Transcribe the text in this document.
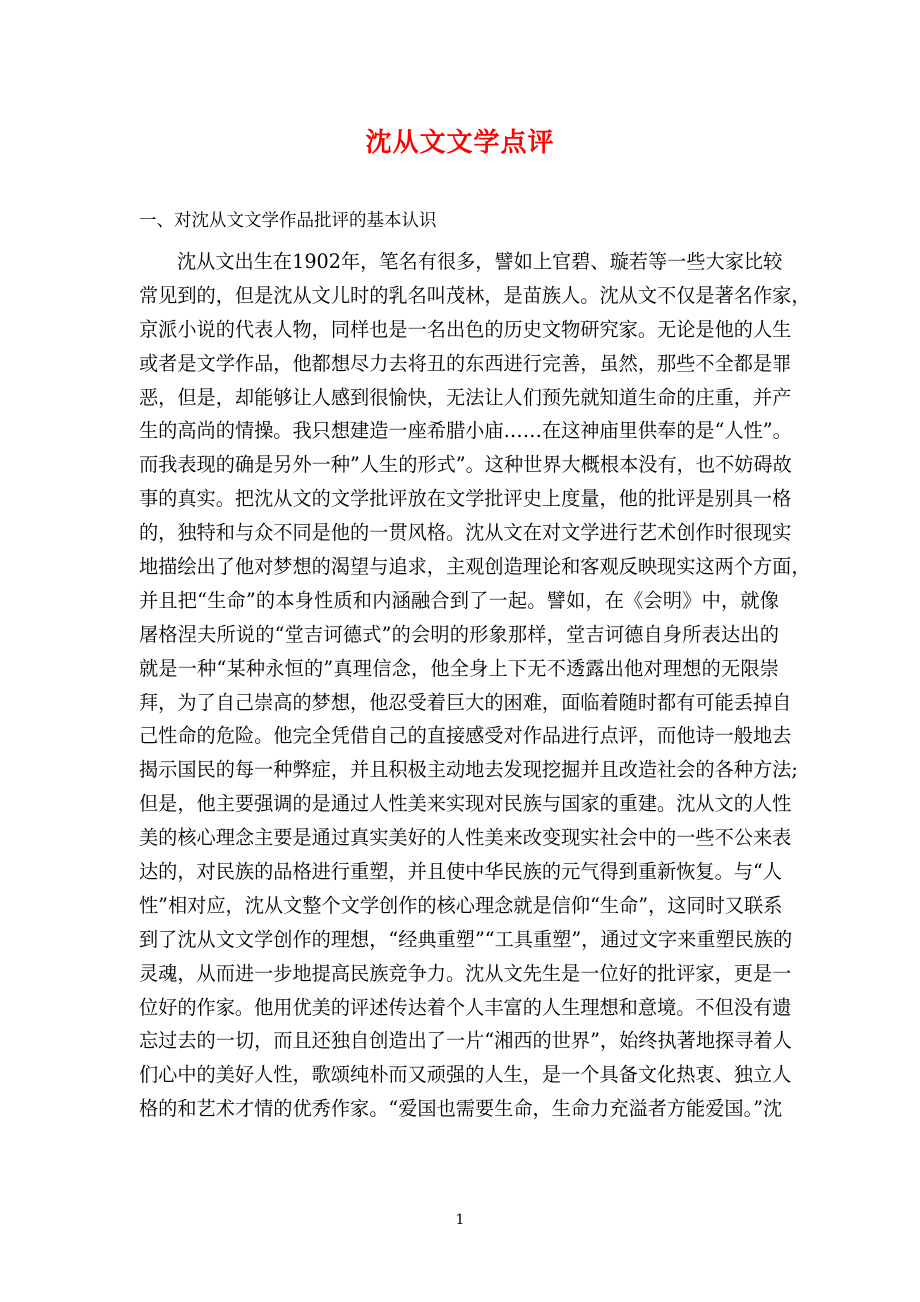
沈从文文学点评
一、对沈从文文学作品批评的基本认识
沈从文出生在1902年，笔名有很多，譬如上官碧、璇若等一些大家比较
常见到的，但是沈从文儿时的乳名叫茂林，是苗族人。沈从文不仅是著名作家，
京派小说的代表人物，同样也是一名出色的历史文物研究家。无论是他的人生
或者是文学作品，他都想尽力去将丑的东西进行完善，虽然，那些不全都是罪
恶，但是，却能够让人感到很愉快，无法让人们预先就知道生命的庄重，并产
生的高尚的情操。我只想建造一座希腊小庙……在这神庙里供奉的是“人性”。
而我表现的确是另外一种”人生的形式”。这种世界大概根本没有，也不妨碍故
事的真实。把沈从文的文学批评放在文学批评史上度量，他的批评是别具一格
的，独特和与众不同是他的一贯风格。沈从文在对文学进行艺术创作时很现实
地描绘出了他对梦想的渴望与追求，主观创造理论和客观反映现实这两个方面，
并且把“生命”的本身性质和内涵融合到了一起。譬如，在《会明》中，就像
屠格涅夫所说的“堂吉诃德式”的会明的形象那样，堂吉诃德自身所表达出的
就是一种“某种永恒的”真理信念，他全身上下无不透露出他对理想的无限崇
拜，为了自己崇高的梦想，他忍受着巨大的困难，面临着随时都有可能丢掉自
己性命的危险。他完全凭借自己的直接感受对作品进行点评，而他诗一般地去
揭示国民的每一种弊症，并且积极主动地去发现挖掘并且改造社会的各种方法;
但是，他主要强调的是通过人性美来实现对民族与国家的重建。沈从文的人性
美的核心理念主要是通过真实美好的人性美来改变现实社会中的一些不公来表
达的，对民族的品格进行重塑，并且使中华民族的元气得到重新恢复。与“人
性”相对应，沈从文整个文学创作的核心理念就是信仰“生命”，这同时又联系
到了沈从文文学创作的理想，“经典重塑”“工具重塑”，通过文字来重塑民族的
灵魂，从而进一步地提高民族竞争力。沈从文先生是一位好的批评家，更是一
位好的作家。他用优美的评述传达着个人丰富的人生理想和意境。不但没有遗
忘过去的一切，而且还独自创造出了一片“湘西的世界”，始终执著地探寻着人
们心中的美好人性，歌颂纯朴而又顽强的人生，是一个具备文化热衷、独立人
格的和艺术才情的优秀作家。“爱国也需要生命，生命力充溢者方能爱国。”沈
1
